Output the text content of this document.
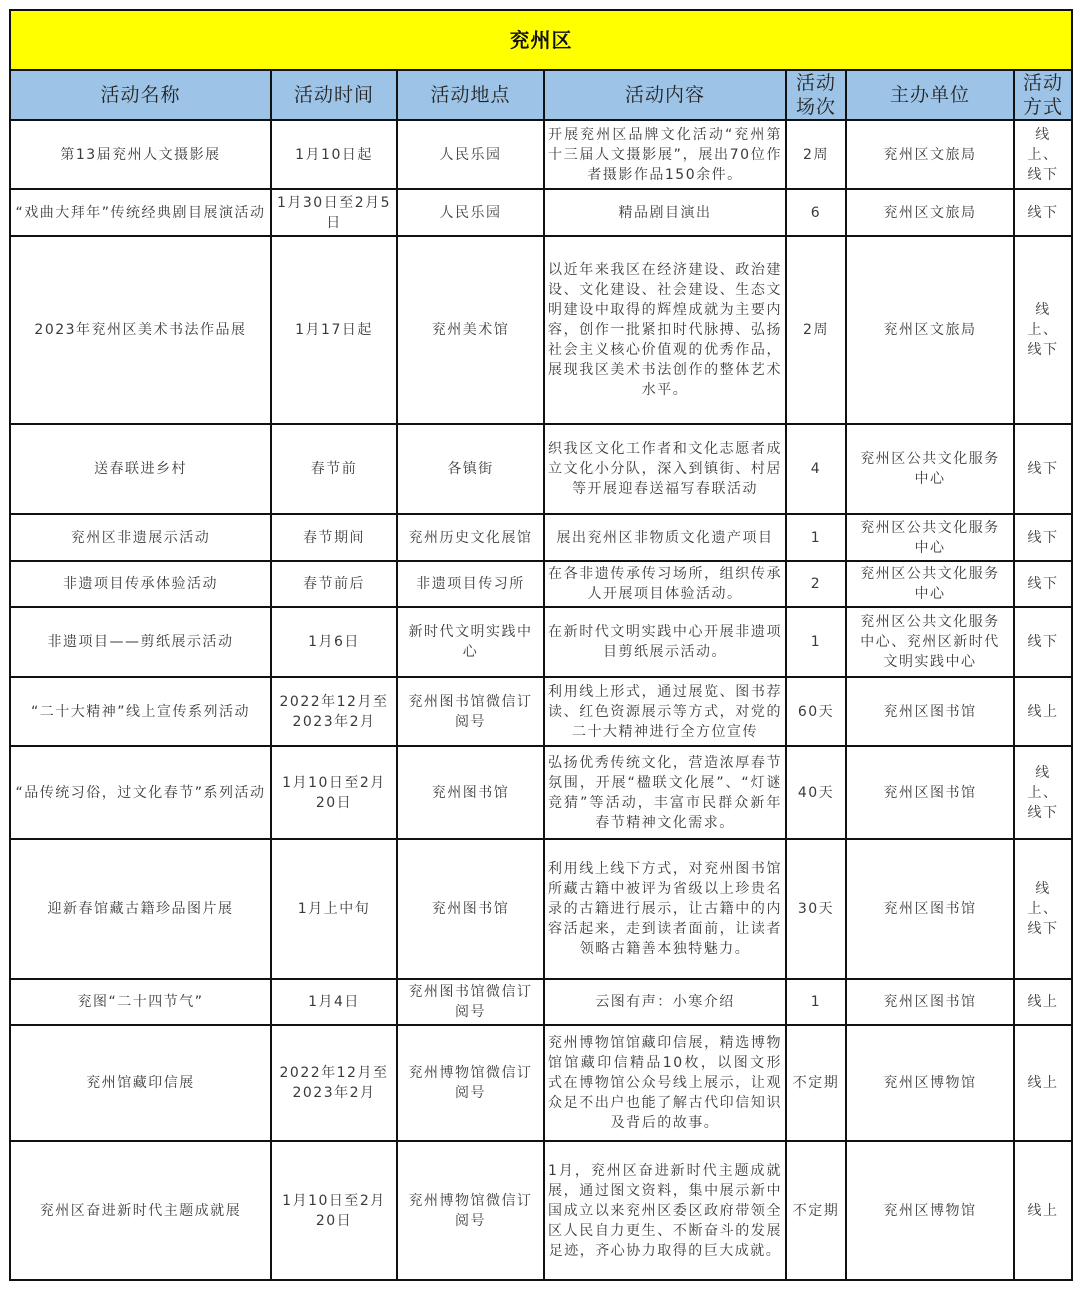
兖州区						
活动名称	活动时间	活动地点	活动内容	活动场次	主办单位	活动方式
第13届兖州人文摄影展	1月10日起	人民乐园	开展兖州区品牌文化活动“兖州第十三届人文摄影展”，展出70位作者摄影作品150余件。	2周	兖州区文旅局	线上、线下
“戏曲大拜年”传统经典剧目展演活动	1月30日至2月5日	人民乐园	精品剧目演出	6	兖州区文旅局	线下
2023年兖州区美术书法作品展	1月17日起	兖州美术馆	以近年来我区在经济建设、政治建设、文化建设、社会建设、生态文明建设中取得的辉煌成就为主要内容，创作一批紧扣时代脉搏、弘扬社会主义核心价值观的优秀作品，展现我区美术书法创作的整体艺术水平。	2周	兖州区文旅局	线上、线下
送春联进乡村	春节前	各镇街	织我区文化工作者和文化志愿者成立文化小分队，深入到镇街、村居等开展迎春送福写春联活动	4	兖州区公共文化服务中心	线下
兖州区非遗展示活动	春节期间	兖州历史文化展馆	展出兖州区非物质文化遗产项目	1	兖州区公共文化服务中心	线下
非遗项目传承体验活动	春节前后	非遗项目传习所	在各非遗传承传习场所，组织传承人开展项目体验活动。	2	兖州区公共文化服务中心	线下
非遗项目——剪纸展示活动	1月6日	新时代文明实践中心	在新时代文明实践中心开展非遗项目剪纸展示活动。	1	兖州区公共文化服务中心、兖州区新时代文明实践中心	线下
“二十大精神”线上宣传系列活动	2022年12月至2023年2月	兖州图书馆微信订阅号	利用线上形式，通过展览、图书荐读、红色资源展示等方式，对党的二十大精神进行全方位宣传	60天	兖州区图书馆	线上
“品传统习俗，过文化春节”系列活动	1月10日至2月20日	兖州图书馆	弘扬优秀传统文化，营造浓厚春节氛围，开展“楹联文化展”、“灯谜竞猜”等活动，丰富市民群众新年春节精神文化需求。	40天	兖州区图书馆	线上、线下
迎新春馆藏古籍珍品图片展	1月上中旬	兖州图书馆	利用线上线下方式，对兖州图书馆所藏古籍中被评为省级以上珍贵名录的古籍进行展示，让古籍中的内容活起来，走到读者面前，让读者领略古籍善本独特魅力。	30天	兖州区图书馆	线上、线下
兖图“二十四节气”	1月4日	兖州图书馆微信订阅号	云图有声：小寒介绍	1	兖州区图书馆	线上
兖州馆藏印信展	2022年12月至2023年2月	兖州博物馆微信订阅号	兖州博物馆馆藏印信展，精选博物馆馆藏印信精品10枚，以图文形式在博物馆公众号线上展示，让观众足不出户也能了解古代印信知识及背后的故事。	不定期	兖州区博物馆	线上
兖州区奋进新时代主题成就展	1月10日至2月20日	兖州博物馆微信订阅号	1月，兖州区奋进新时代主题成就展，通过图文资料，集中展示新中国成立以来兖州区委区政府带领全区人民自力更生、不断奋斗的发展足迹，齐心协力取得的巨大成就。	不定期	兖州区博物馆	线上
